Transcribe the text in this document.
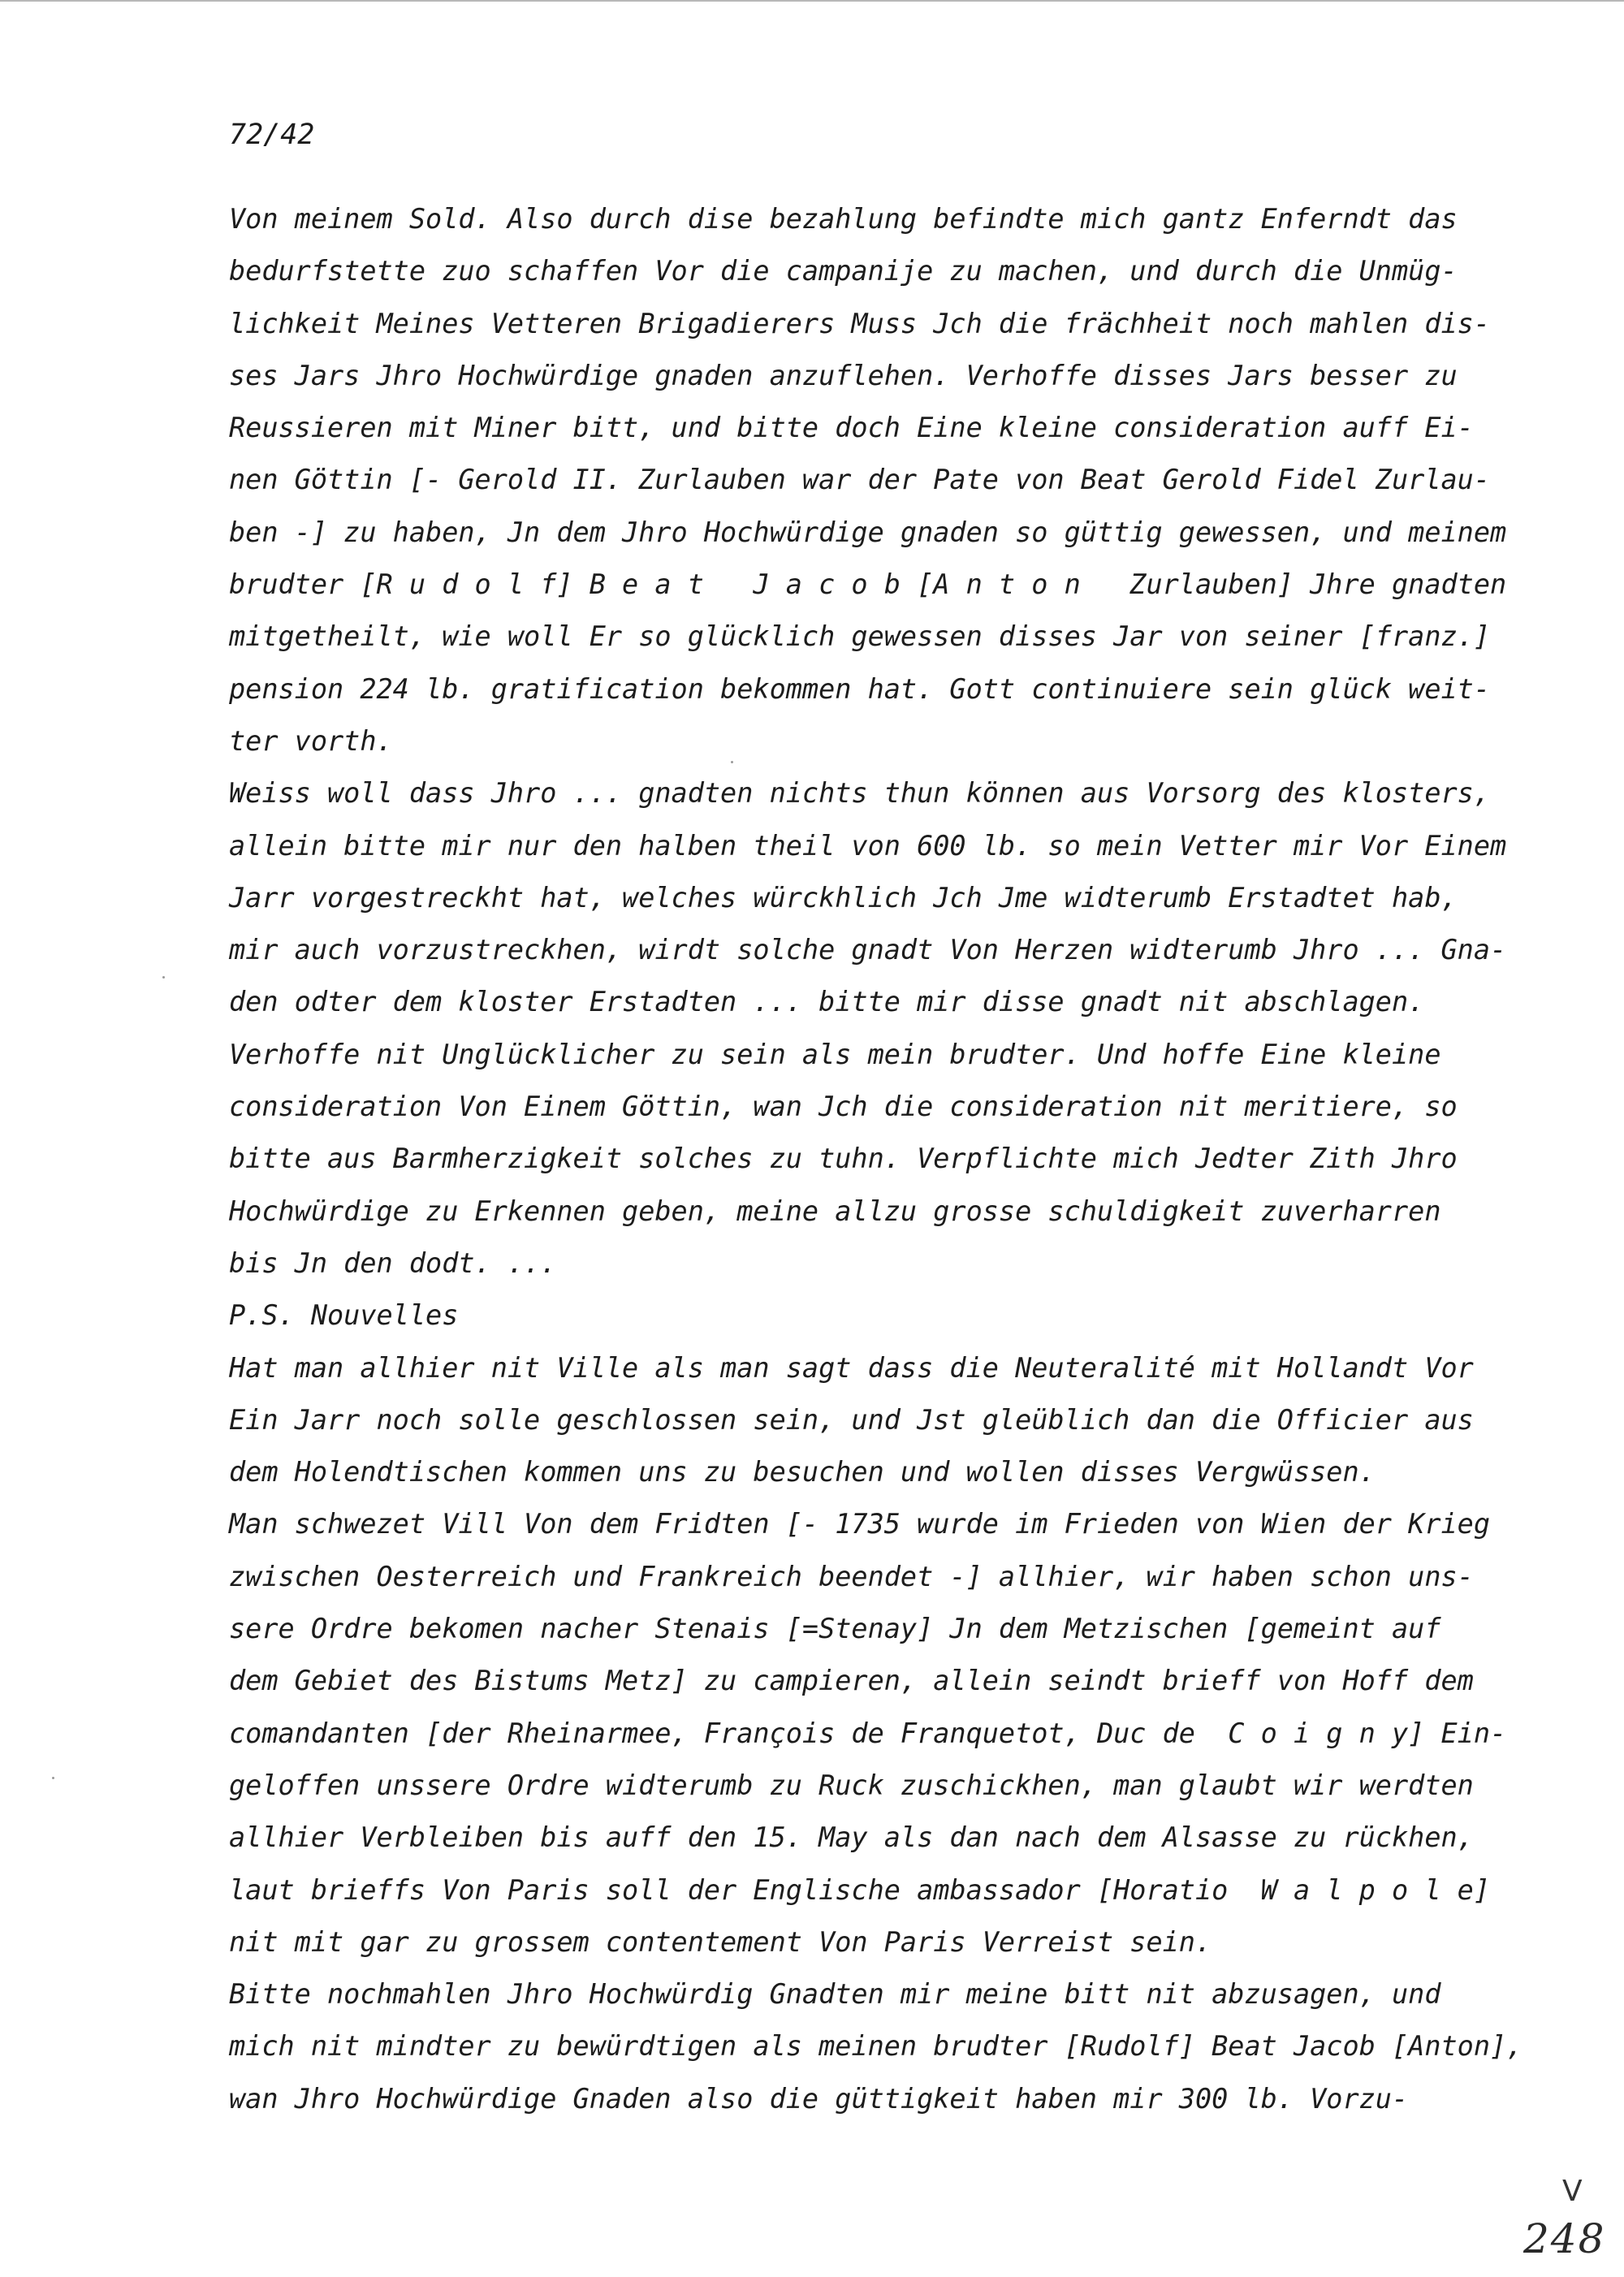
72/42

Von meinem Sold. Also durch dise bezahlung befindte mich gantz Enferndt das
bedurfstette zuo schaffen Vor die campanije zu machen, und durch die Unmüg-
lichkeit Meines Vetteren Brigadierers Muss Jch die frächheit noch mahlen dis-
ses Jars Jhro Hochwürdige gnaden anzuflehen. Verhoffe disses Jars besser zu
Reussieren mit Miner bitt, und bitte doch Eine kleine consideration auff Ei-
nen Göttin [- Gerold II. Zurlauben war der Pate von Beat Gerold Fidel Zurlau-
ben -] zu haben, Jn dem Jhro Hochwürdige gnaden so güttig gewessen, und meinem
brudter [R u d o l f] B e a t   J a c o b [A n t o n   Zurlauben] Jhre gnadten
mitgetheilt, wie woll Er so glücklich gewessen disses Jar von seiner [franz.]
pension 224 lb. gratification bekommen hat. Gott continuiere sein glück weit-
ter vorth.
Weiss woll dass Jhro ... gnadten nichts thun können aus Vorsorg des klosters,
allein bitte mir nur den halben theil von 600 lb. so mein Vetter mir Vor Einem
Jarr vorgestreckht hat, welches würckhlich Jch Jme widterumb Erstadtet hab,
mir auch vorzustreckhen, wirdt solche gnadt Von Herzen widterumb Jhro ... Gna-
den odter dem kloster Erstadten ... bitte mir disse gnadt nit abschlagen.
Verhoffe nit Unglücklicher zu sein als mein brudter. Und hoffe Eine kleine
consideration Von Einem Göttin, wan Jch die consideration nit meritiere, so
bitte aus Barmherzigkeit solches zu tuhn. Verpflichte mich Jedter Zith Jhro
Hochwürdige zu Erkennen geben, meine allzu grosse schuldigkeit zuverharren
bis Jn den dodt. ...
P.S. Nouvelles
Hat man allhier nit Ville als man sagt dass die Neuteralité mit Hollandt Vor
Ein Jarr noch solle geschlossen sein, und Jst gleüblich dan die Officier aus
dem Holendtischen kommen uns zu besuchen und wollen disses Vergwüssen.
Man schwezet Vill Von dem Fridten [- 1735 wurde im Frieden von Wien der Krieg
zwischen Oesterreich und Frankreich beendet -] allhier, wir haben schon uns-
sere Ordre bekomen nacher Stenais [=Stenay] Jn dem Metzischen [gemeint auf
dem Gebiet des Bistums Metz] zu campieren, allein seindt brieff von Hoff dem
comandanten [der Rheinarmee, François de Franquetot, Duc de  C o i g n y] Ein-
geloffen unssere Ordre widterumb zu Ruck zuschickhen, man glaubt wir werdten
allhier Verbleiben bis auff den 15. May als dan nach dem Alsasse zu rückhen,
laut brieffs Von Paris soll der Englische ambassador [Horatio  W a l p o l e]
nit mit gar zu grossem contentement Von Paris Verreist sein.
Bitte nochmahlen Jhro Hochwürdig Gnadten mir meine bitt nit abzusagen, und
mich nit mindter zu bewürdtigen als meinen brudter [Rudolf] Beat Jacob [Anton],
wan Jhro Hochwürdige Gnaden also die güttigkeit haben mir 300 lb. Vorzu-

V

248
